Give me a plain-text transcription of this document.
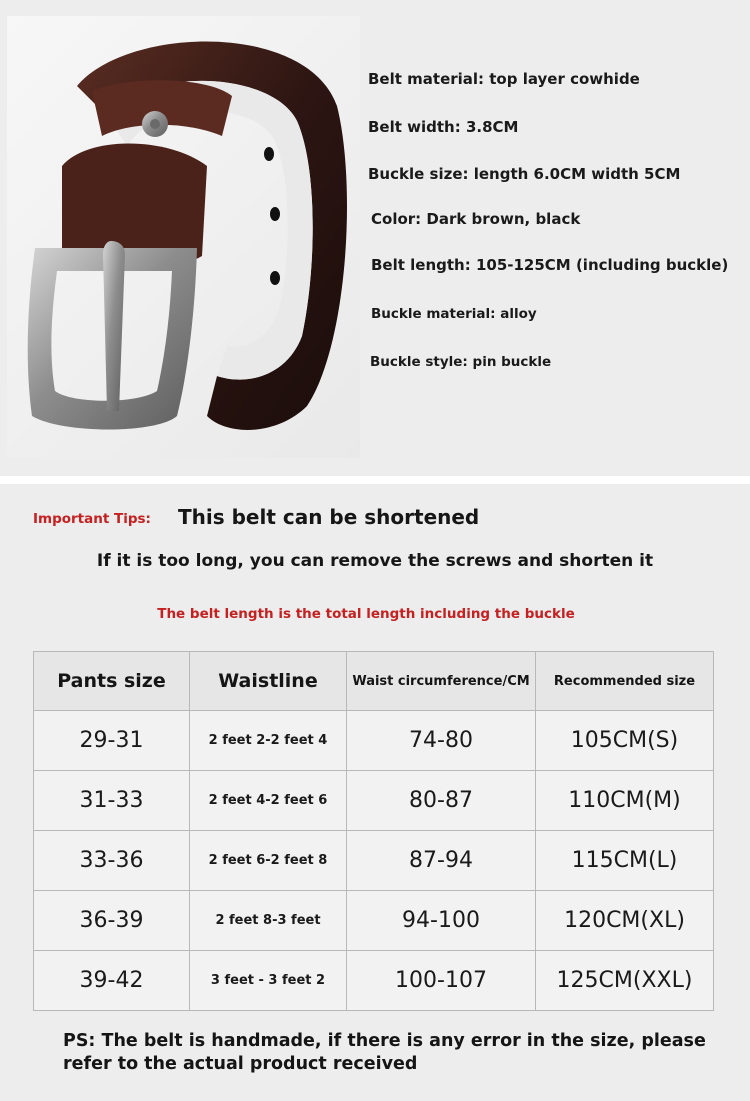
Belt material: top layer cowhide
Belt width: 3.8CM
Buckle size: length 6.0CM width 5CM
Color: Dark brown, black
Belt length: 105-125CM (including buckle)
Buckle material: alloy
Buckle style: pin buckle
Important Tips: This belt can be shortened
If it is too long, you can remove the screws and shorten it
The belt length is the total length including the buckle
Pants size	Waistline	Waist circumference/CM	Recommended size
29-31	2 feet 2-2 feet 4	74-80	105CM(S)
31-33	2 feet 4-2 feet 6	80-87	110CM(M)
33-36	2 feet 6-2 feet 8	87-94	115CM(L)
36-39	2 feet 8-3 feet	94-100	120CM(XL)
39-42	3 feet - 3 feet 2	100-107	125CM(XXL)
PS: The belt is handmade, if there is any error in the size, please refer to the actual product received
